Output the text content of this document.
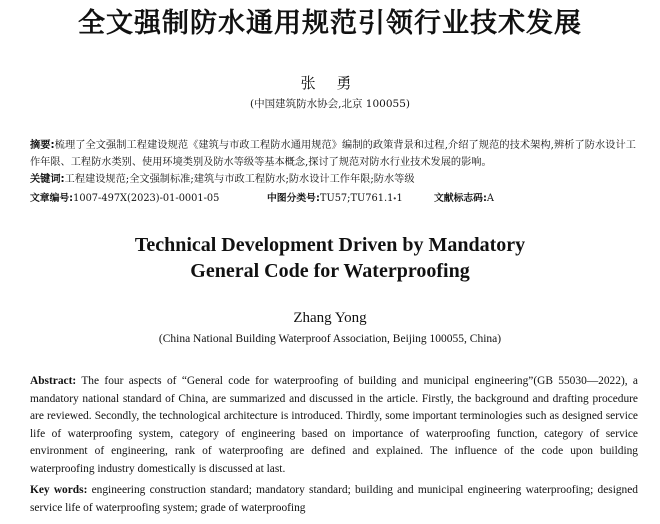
全文强制防水通用规范引领行业技术发展
张 勇
(中国建筑防水协会,北京 100055)
摘要:梳理了全文强制工程建设规范《建筑与市政工程防水通用规范》编制的政策背景和过程,介绍了规范的技术架构,辨析了防水设计工作年限、工程防水类别、使用环境类别及防水等级等基本概念,探讨了规范对防水行业技术发展的影响。
关键词:工程建设规范;全文强制标准;建筑与市政工程防水;防水设计工作年限;防水等级
文章编号:1007-497X(2023)-01-0001-05	中图分类号:TU57;TU761.1˖1	文献标志码:A
Technical Development Driven by Mandatory
General Code for Waterproofing
Zhang Yong
(China National Building Waterproof Association, Beijing 100055, China)
Abstract: The four aspects of “General code for waterproofing of building and municipal engineering”(GB 55030—2022), a mandatory national standard of China, are summarized and discussed in the article. Firstly, the background and drafting procedure are reviewed. Secondly, the technological architecture is introduced. Thirdly, some important terminologies such as designed service life of waterproofing system, category of engineering based on importance of waterproofing function, category of service environment of engineering, rank of waterproofing are defined and explained. The influence of the code upon building waterproofing industry domestically is discussed at last.
Key words: engineering construction standard; mandatory standard; building and municipal engineering waterproofing; designed service life of waterproofing system; grade of waterproofing
